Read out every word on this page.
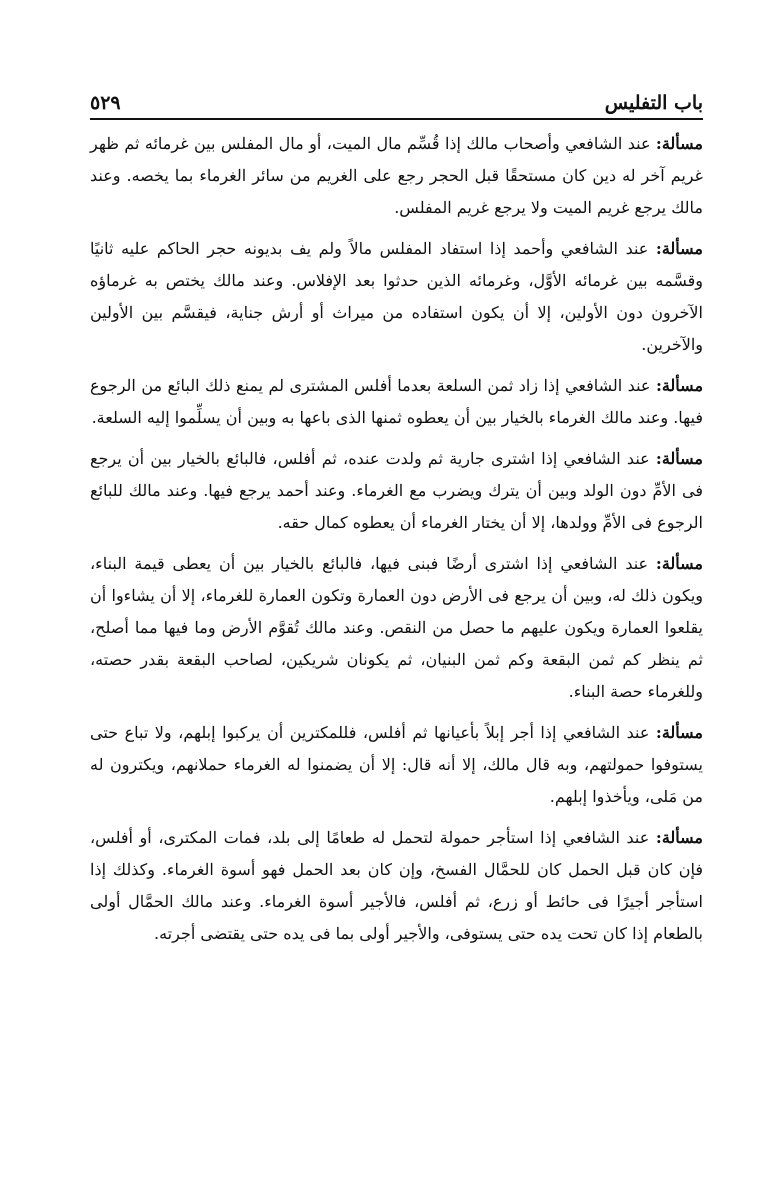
باب التفليس
٥٢٩

مسألة: عند الشافعي وأصحاب مالك إذا قُسِّم مال الميت، أو مال المفلس بين غرمائه ثم ظهر غريم آخر له دين كان مستحقًا قبل الحجر رجع على الغريم من سائر الغرماء بما يخصه. وعند مالك يرجع غريم الميت ولا يرجع غريم المفلس.

مسألة: عند الشافعي وأحمد إذا استفاد المفلس مالاً ولم يف بديونه حجر الحاكم عليه ثانيًا وقسَّمه بين غرمائه الأوَّل، وغرمائه الذين حدثوا بعد الإفلاس. وعند مالك يختص به غرماؤه الآخرون دون الأولين، إلا أن يكون استفاده من ميراث أو أرش جناية، فيقسَّم بين الأولين والآخرين.

مسألة: عند الشافعي إذا زاد ثمن السلعة بعدما أفلس المشترى لم يمنع ذلك البائع من الرجوع فيها. وعند مالك الغرماء بالخيار بين أن يعطوه ثمنها الذى باعها به وبين أن يسلِّموا إليه السلعة.

مسألة: عند الشافعي إذا اشترى جارية ثم ولدت عنده، ثم أفلس، فالبائع بالخيار بين أن يرجع فى الأمِّ دون الولد وبين أن يترك ويضرب مع الغرماء. وعند أحمد يرجع فيها. وعند مالك للبائع الرجوع فى الأمِّ وولدها، إلا أن يختار الغرماء أن يعطوه كمال حقه.

مسألة: عند الشافعي إذا اشترى أرضًا فبنى فيها، فالبائع بالخيار بين أن يعطى قيمة البناء، ويكون ذلك له، وبين أن يرجع فى الأرض دون العمارة وتكون العمارة للغرماء، إلا أن يشاءوا أن يقلعوا العمارة ويكون عليهم ما حصل من النقص. وعند مالك تُقوَّم الأرض وما فيها مما أصلح، ثم ينظر كم ثمن البقعة وكم ثمن البنيان، ثم يكونان شريكين، لصاحب البقعة بقدر حصته، وللغرماء حصة البناء.

مسألة: عند الشافعي إذا أجر إبلاً بأعيانها ثم أفلس، فللمكترين أن يركبوا إبلهم، ولا تباع حتى يستوفوا حمولتهم، وبه قال مالك، إلا أنه قال: إلا أن يضمنوا له الغرماء حملانهم، ويكترون له من مَلى، ويأخذوا إبلهم.

مسألة: عند الشافعي إذا استأجر حمولة لتحمل له طعامًا إلى بلد، فمات المكترى، أو أفلس، فإن كان قبل الحمل كان للحمَّال الفسخ، وإن كان بعد الحمل فهو أسوة الغرماء. وكذلك إذا استأجر أجيرًا فى حائط أو زرع، ثم أفلس، فالأجير أسوة الغرماء. وعند مالك الحمَّال أولى بالطعام إذا كان تحت يده حتى يستوفى، والأجير أولى بما فى يده حتى يقتضى أجرته.
